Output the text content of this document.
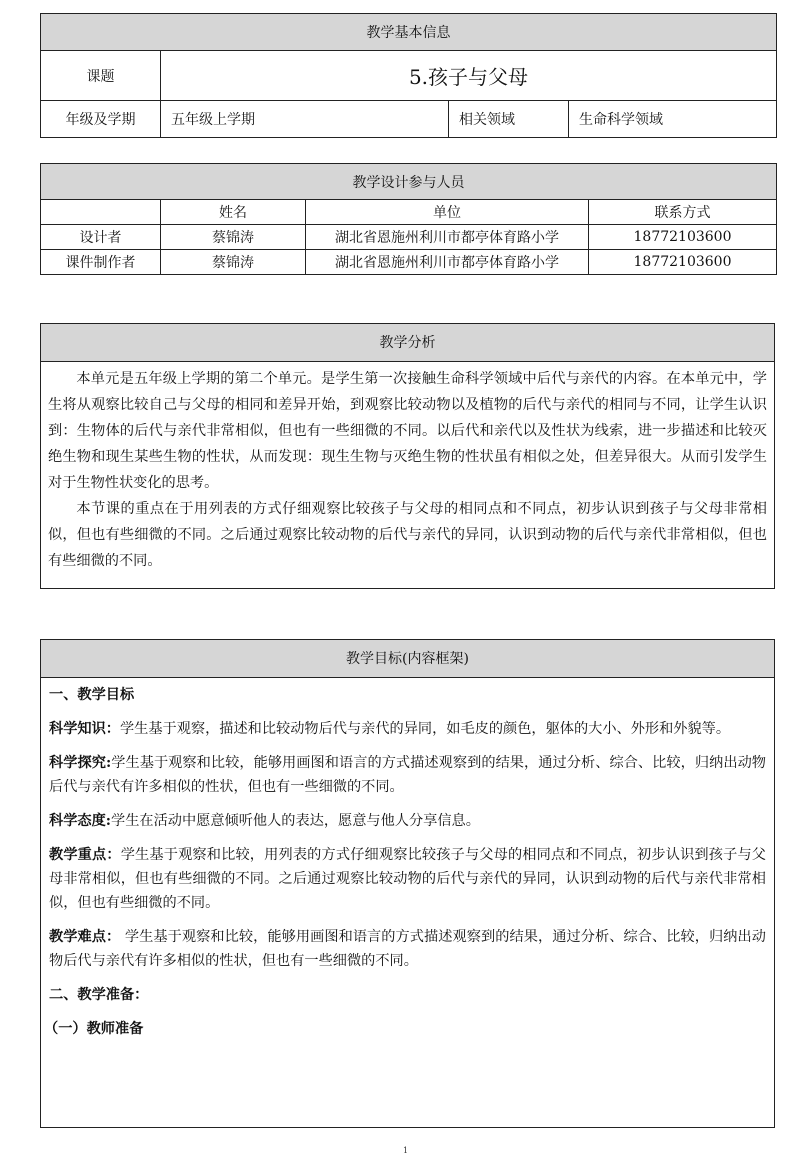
教学基本信息			
课题	5.孩子与父母		
年级及学期	五年级上学期	相关领域	生命科学领域
教学设计参与人员			
	姓名	单位	联系方式
设计者	蔡锦涛	湖北省恩施州利川市都亭体育路小学	18772103600
课件制作者	蔡锦涛	湖北省恩施州利川市都亭体育路小学	18772103600
教学分析

本单元是五年级上学期的第二个单元。是学生第一次接触生命科学领域中后代与亲代的内容。在本单元中，学生将从观察比较自己与父母的相同和差异开始，到观察比较动物以及植物的后代与亲代的相同与不同，让学生认识到：生物体的后代与亲代非常相似，但也有一些细微的不同。以后代和亲代以及性状为线索，进一步描述和比较灭绝生物和现生某些生物的性状，从而发现：现生生物与灭绝生物的性状虽有相似之处，但差异很大。从而引发学生对于生物性状变化的思考。

本节课的重点在于用列表的方式仔细观察比较孩子与父母的相同点和不同点，初步认识到孩子与父母非常相似，但也有些细微的不同。之后通过观察比较动物的后代与亲代的异同，认识到动物的后代与亲代非常相似，但也有些细微的不同。

教学目标(内容框架)

一、教学目标

科学知识：学生基于观察，描述和比较动物后代与亲代的异同，如毛皮的颜色，躯体的大小、外形和外貌等。

科学探究:学生基于观察和比较，能够用画图和语言的方式描述观察到的结果，通过分析、综合、比较，归纳出动物后代与亲代有许多相似的性状，但也有一些细微的不同。

科学态度:学生在活动中愿意倾听他人的表达，愿意与他人分享信息。

教学重点：学生基于观察和比较，用列表的方式仔细观察比较孩子与父母的相同点和不同点，初步认识到孩子与父母非常相似，但也有些细微的不同。之后通过观察比较动物的后代与亲代的异同，认识到动物的后代与亲代非常相似，但也有些细微的不同。

教学难点： 学生基于观察和比较，能够用画图和语言的方式描述观察到的结果，通过分析、综合、比较，归纳出动物后代与亲代有许多相似的性状，但也有一些细微的不同。

二、教学准备：

（一）教师准备

1
